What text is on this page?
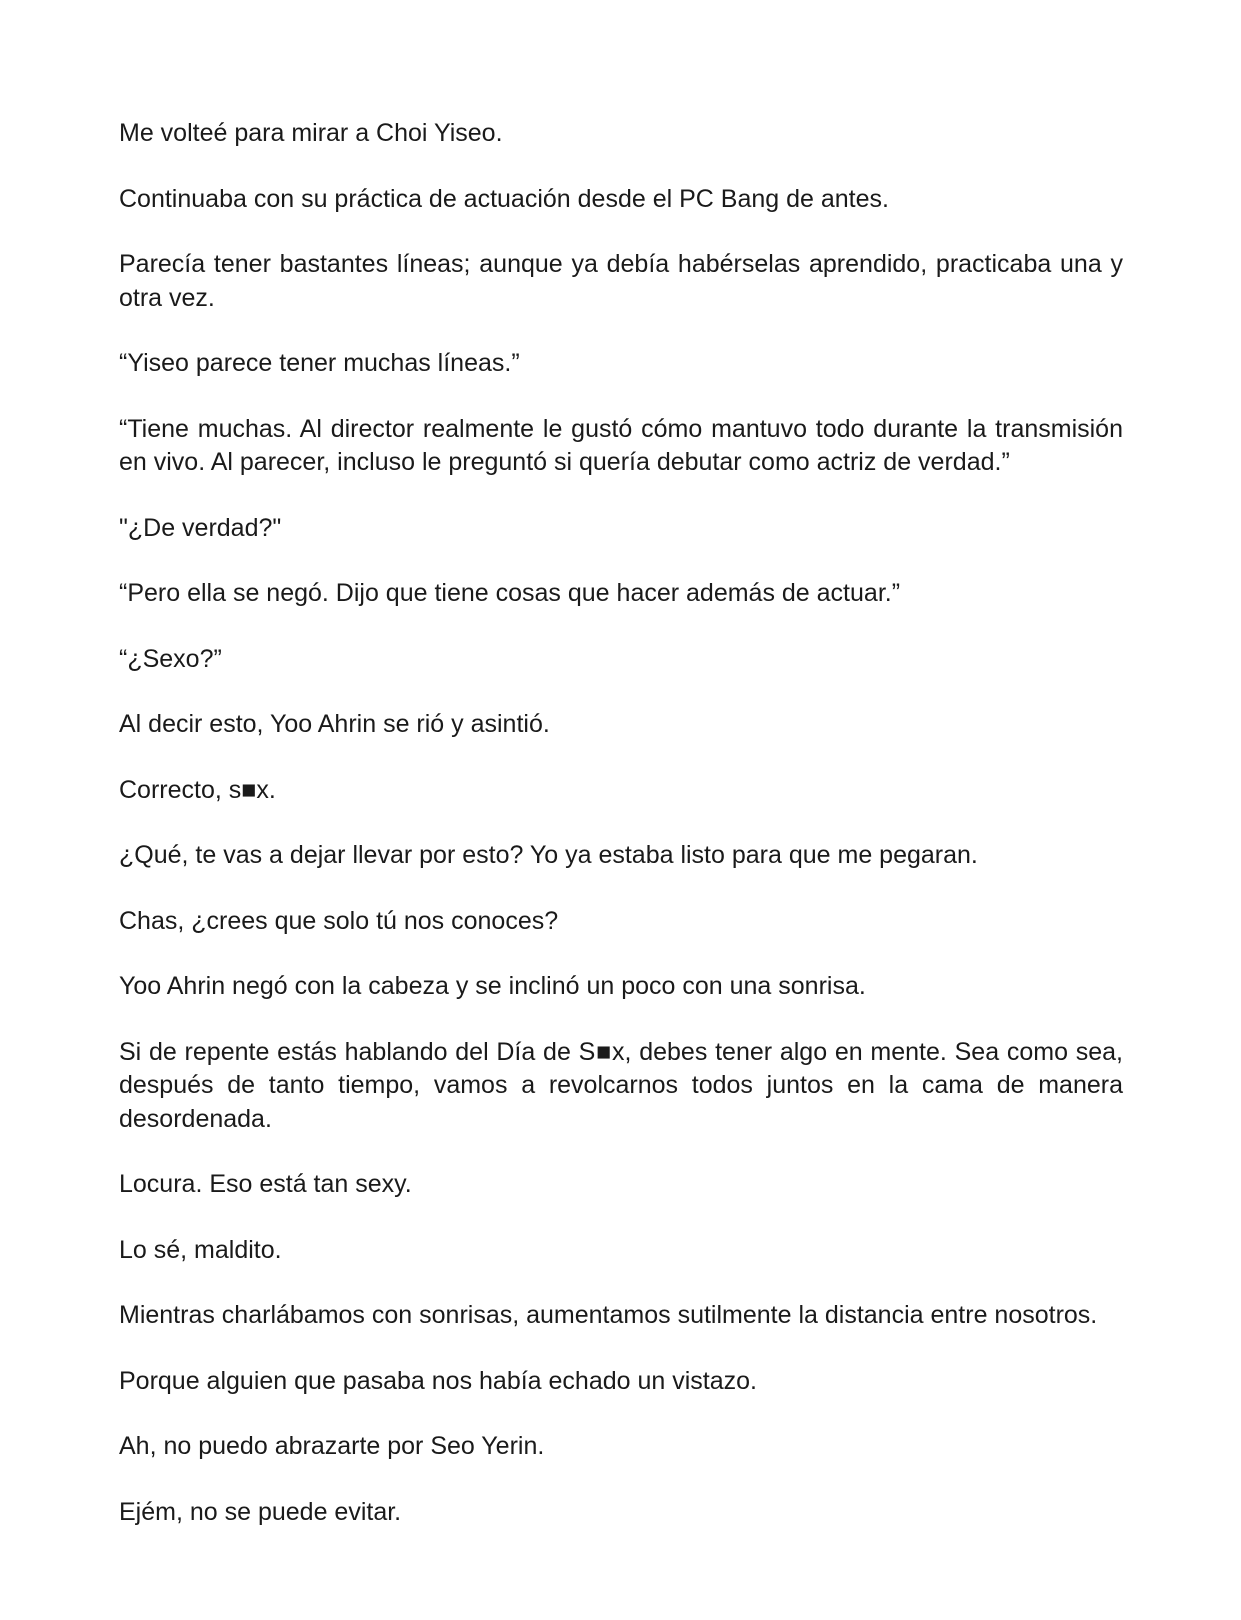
Me volteé para mirar a Choi Yiseo.

Continuaba con su práctica de actuación desde el PC Bang de antes.

Parecía tener bastantes líneas; aunque ya debía habérselas aprendido, practicaba una y otra vez.

“Yiseo parece tener muchas líneas.”

“Tiene muchas. Al director realmente le gustó cómo mantuvo todo durante la transmisión en vivo. Al parecer, incluso le preguntó si quería debutar como actriz de verdad.”

"¿De verdad?"

“Pero ella se negó. Dijo que tiene cosas que hacer además de actuar.”

“¿Sexo?”

Al decir esto, Yoo Ahrin se rió y asintió.

Correcto, s■x.

¿Qué, te vas a dejar llevar por esto? Yo ya estaba listo para que me pegaran.

Chas, ¿crees que solo tú nos conoces?

Yoo Ahrin negó con la cabeza y se inclinó un poco con una sonrisa.

Si de repente estás hablando del Día de S■x, debes tener algo en mente. Sea como sea, después de tanto tiempo, vamos a revolcarnos todos juntos en la cama de manera desordenada.

Locura. Eso está tan sexy.

Lo sé, maldito.

Mientras charlábamos con sonrisas, aumentamos sutilmente la distancia entre nosotros.

Porque alguien que pasaba nos había echado un vistazo.

Ah, no puedo abrazarte por Seo Yerin.

Ejém, no se puede evitar.
